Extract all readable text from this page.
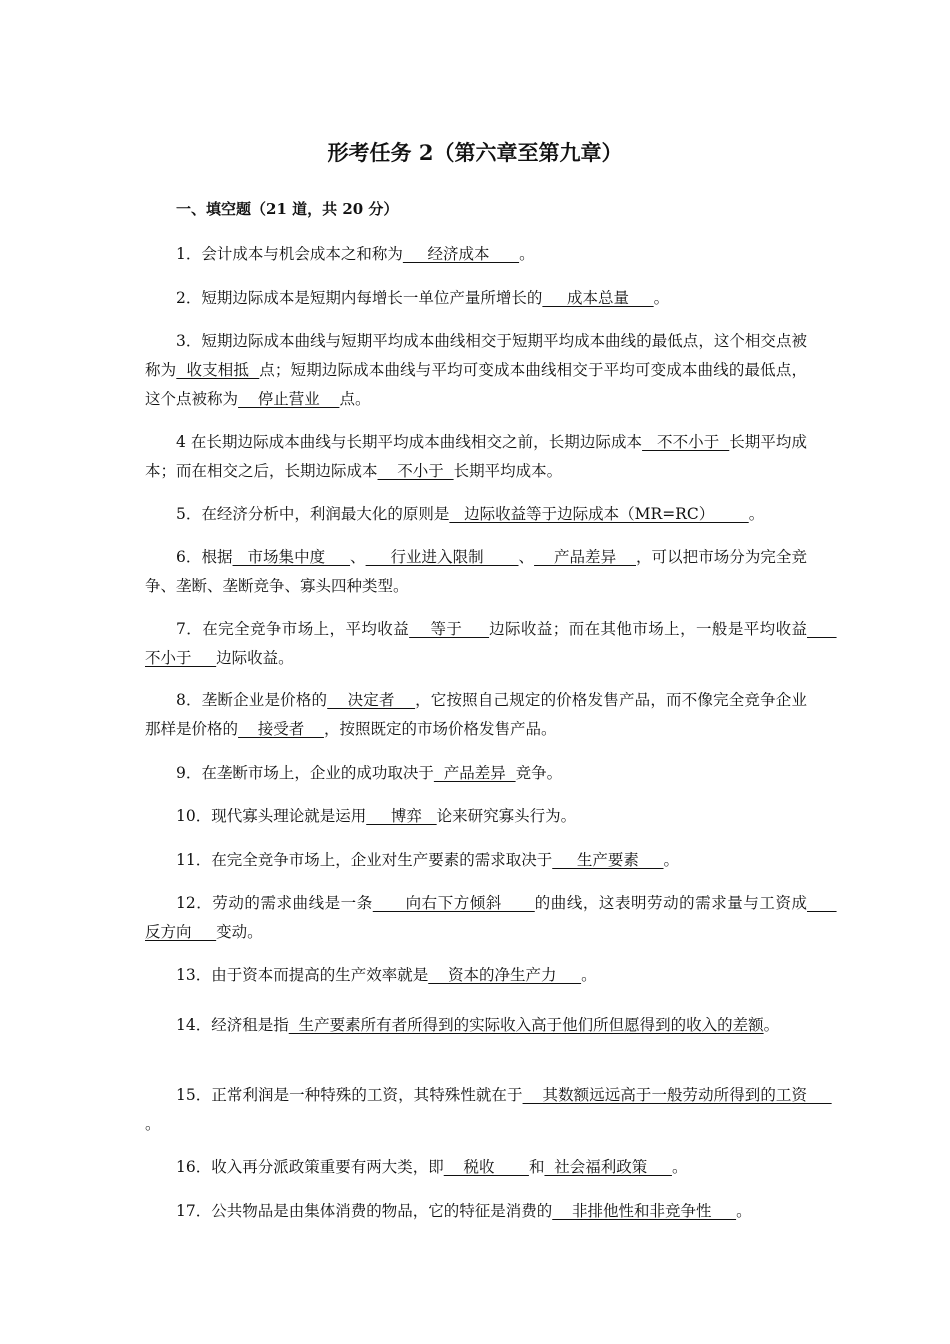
形考任务 2（第六章至第九章）
一、填空题（21 道，共 20 分）
1．会计成本与机会成本之和称为     经济成本      。
2．短期边际成本是短期内每增长一单位产量所增长的     成本总量     。
3．短期边际成本曲线与短期平均成本曲线相交于短期平均成本曲线的最低点，这个相交点被称为  收支相抵  点；短期边际成本曲线与平均可变成本曲线相交于平均可变成本曲线的最低点，这个点被称为    停止营业    点。
4 在长期边际成本曲线与长期平均成本曲线相交之前，长期边际成本   不不小于  长期平均成本；而在相交之后，长期边际成本    不小于  长期平均成本。
5．在经济分析中，利润最大化的原则是   边际收益等于边际成本（MR=RC）       。
6．根据   市场集中度     、     行业进入限制       、    产品差异    ，可以把市场分为完全竞争、垄断、垄断竞争、寡头四种类型。
7．在完全竞争市场上，平均收益    等于     边际收益；而在其他市场上，一般是平均收益      不小于     边际收益。
8．垄断企业是价格的    决定者    ，它按照自己规定的价格发售产品，而不像完全竞争企业那样是价格的    接受者    ，按照既定的市场价格发售产品。
9．在垄断市场上，企业的成功取决于  产品差异  竞争。
10．现代寡头理论就是运用     博弈   论来研究寡头行为。
11．在完全竞争市场上，企业对生产要素的需求取决于     生产要素     。
12．劳动的需求曲线是一条      向右下方倾斜      的曲线，这表明劳动的需求量与工资成      反方向     变动。
13．由于资本而提高的生产效率就是    资本的净生产力     。
14．经济租是指  生产要素所有者所得到的实际收入高于他们所但愿得到的收入的差额。
15．正常利润是一种特殊的工资，其特殊性就在于    其数额远远高于一般劳动所得到的工资     。
16．收入再分派政策重要有两大类，即    税收       和  社会福利政策     。
17．公共物品是由集体消费的物品，它的特征是消费的    非排他性和非竞争性     。
